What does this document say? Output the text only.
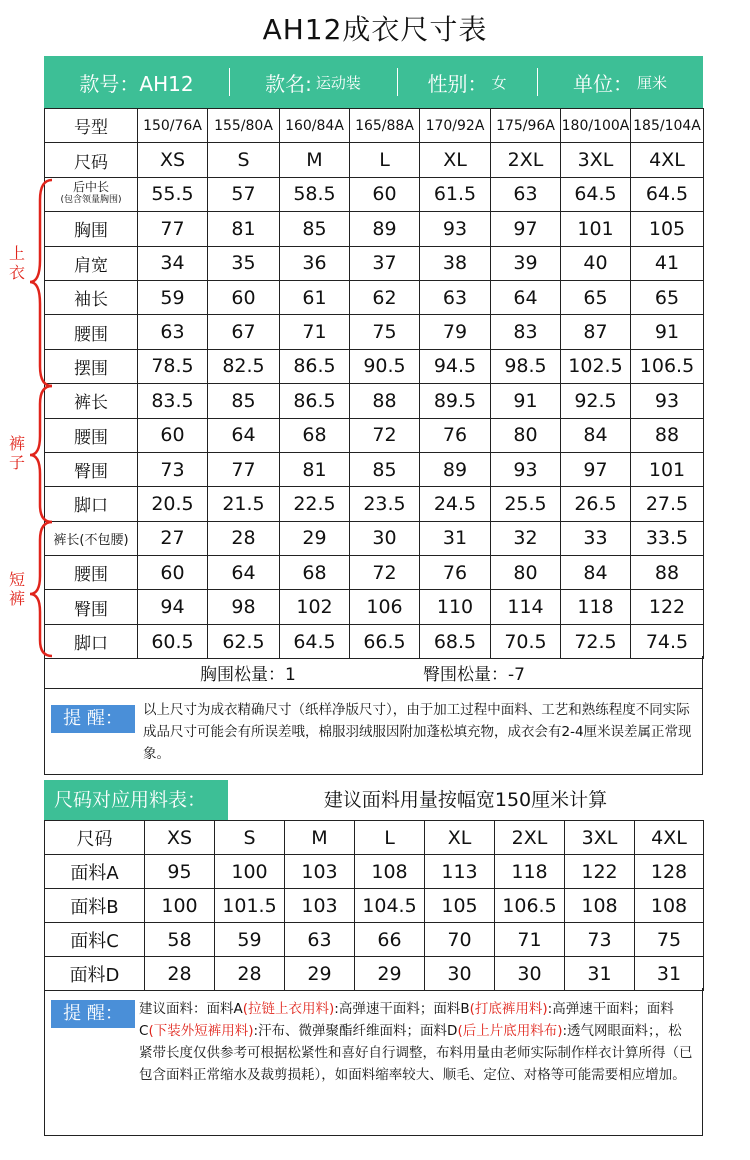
AH12成衣尺寸表
款号：AH12	款名: 运动装	性别： 女	单位： 厘米
号型	150/76A	155/80A	160/84A	165/88A	170/92A	175/96A	180/100A	185/104A
尺码	XS	S	M	L	XL	2XL	3XL	4XL
后中长
(包含领量胸围)	55.5	57	58.5	60	61.5	63	64.5	64.5
胸围	77	81	85	89	93	97	101	105
肩宽	34	35	36	37	38	39	40	41
袖长	59	60	61	62	63	64	65	65
腰围	63	67	71	75	79	83	87	91
摆围	78.5	82.5	86.5	90.5	94.5	98.5	102.5	106.5
裤长	83.5	85	86.5	88	89.5	91	92.5	93
腰围	60	64	68	72	76	80	84	88
臀围	73	77	81	85	89	93	97	101
脚口	20.5	21.5	22.5	23.5	24.5	25.5	26.5	27.5
裤长(不包腰)	27	28	29	30	31	32	33	33.5
腰围	60	64	68	72	76	80	84	88
臀围	94	98	102	106	110	114	118	122
脚口	60.5	62.5	64.5	66.5	68.5	70.5	72.5	74.5
胸围松量：1	臀围松量：-7
提 醒：	以上尺寸为成衣精确尺寸（纸样净版尺寸），由于加工过程中面料、工艺和熟练程度不同实际成品尺寸可能会有所误差哦，棉服羽绒服因附加蓬松填充物，成衣会有2-4厘米误差属正常现象。
尺码对应用料表：	建议面料用量按幅宽150厘米计算
尺码	XS	S	M	L	XL	2XL	3XL	4XL
面料A	95	100	103	108	113	118	122	128
面料B	100	101.5	103	104.5	105	106.5	108	108
面料C	58	59	63	66	70	71	73	75
面料D	28	28	29	29	30	30	31	31
提 醒：	建议面料：面料A(拉链上衣用料):高弹速干面料；面料B(打底裤用料):高弹速干面料；面料C(下装外短裤用料):汗布、微弹聚酯纤维面料；面料D(后上片底用料布):透气网眼面料；，松紧带长度仅供参考可根据松紧性和喜好自行调整，布料用量由老师实际制作样衣计算所得（已包含面料正常缩水及裁剪损耗），如面料缩率较大、顺毛、定位、对格等可能需要相应增加。
上衣
裤子
短裤
